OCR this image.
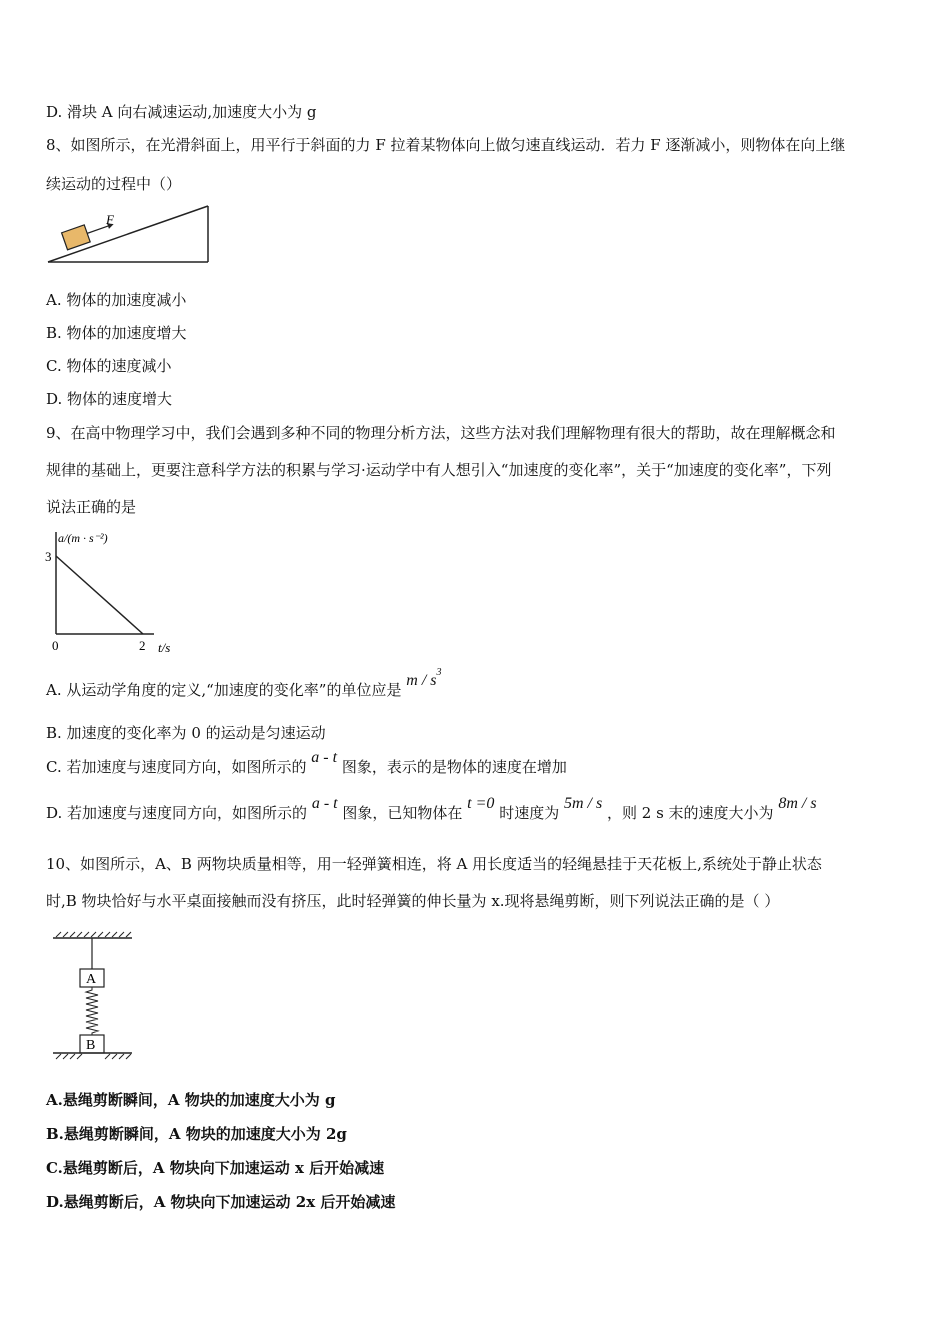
D. 滑块 A 向右减速运动,加速度大小为 g
8、如图所示，在光滑斜面上，用平行于斜面的力 F 拉着某物体向上做匀速直线运动．若力 F 逐渐减小，则物体在向上继
续运动的过程中（）
F
A. 物体的加速度减小
B. 物体的加速度增大
C. 物体的速度减小
D. 物体的速度增大
9、在高中物理学习中，我们会遇到多种不同的物理分析方法，这些方法对我们理解物理有很大的帮助，故在理解概念和
规律的基础上，更要注意科学方法的积累与学习·运动学中有人想引入“加速度的变化率”，关于“加速度的变化率”，下列
说法正确的是
a/(m · s⁻²)
3
0	2 t/s
A. 从运动学角度的定义,“加速度的变化率”的单位应是 m / $s^3$
B. 加速度的变化率为 0 的运动是匀速运动
C. 若加速度与速度同方向，如图所示的 a - t 图象，表示的是物体的速度在增加
D. 若加速度与速度同方向，如图所示的 a - t 图象，已知物体在 t =0 时速度为 5m / s ，则 2 s 末的速度大小为 8m / s
10、如图所示，A、B 两物块质量相等，用一轻弹簧相连，将 A 用长度适当的轻绳悬挂于天花板上,系统处于静止状态
时,B 物块恰好与水平桌面接触而没有挤压，此时轻弹簧的伸长量为 x.现将悬绳剪断，则下列说法正确的是（ ）
A
B
A.悬绳剪断瞬间，A 物块的加速度大小为 g
B.悬绳剪断瞬间，A 物块的加速度大小为 2g
C.悬绳剪断后，A 物块向下加速运动 x 后开始减速
D.悬绳剪断后，A 物块向下加速运动 2x 后开始减速
